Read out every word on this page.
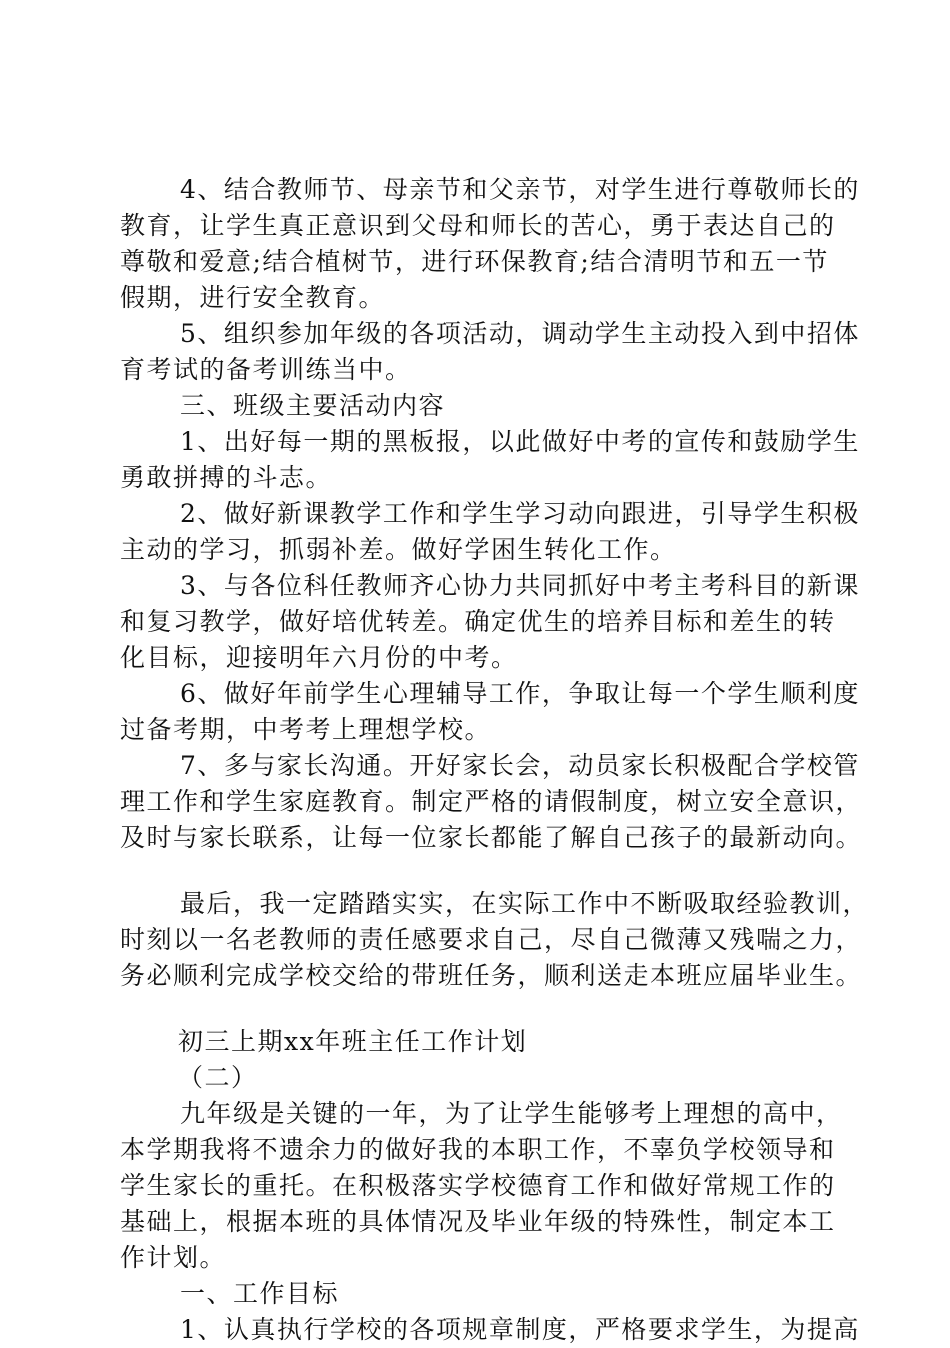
4、结合教师节、母亲节和父亲节，对学生进行尊敬师长的
教育，让学生真正意识到父母和师长的苦心，勇于表达自己的
尊敬和爱意;结合植树节，进行环保教育;结合清明节和五一节
假期，进行安全教育。
5、组织参加年级的各项活动，调动学生主动投入到中招体
育考试的备考训练当中。
三、班级主要活动内容
1、出好每一期的黑板报，以此做好中考的宣传和鼓励学生
勇敢拼搏的斗志。
2、做好新课教学工作和学生学习动向跟进，引导学生积极
主动的学习，抓弱补差。做好学困生转化工作。
3、与各位科任教师齐心协力共同抓好中考主考科目的新课
和复习教学，做好培优转差。确定优生的培养目标和差生的转
化目标，迎接明年六月份的中考。
6、做好年前学生心理辅导工作，争取让每一个学生顺利度
过备考期，中考考上理想学校。
7、多与家长沟通。开好家长会，动员家长积极配合学校管
理工作和学生家庭教育。制定严格的请假制度，树立安全意识，
及时与家长联系，让每一位家长都能了解自己孩子的最新动向。
最后，我一定踏踏实实，在实际工作中不断吸取经验教训，
时刻以一名老教师的责任感要求自己，尽自己微薄又残喘之力，
务必顺利完成学校交给的带班任务，顺利送走本班应届毕业生。
初三上期xx年班主任工作计划
（二）
九年级是关键的一年，为了让学生能够考上理想的高中，
本学期我将不遗余力的做好我的本职工作，不辜负学校领导和
学生家长的重托。在积极落实学校德育工作和做好常规工作的
基础上，根据本班的具体情况及毕业年级的特殊性，制定本工
作计划。
一、工作目标
1、认真执行学校的各项规章制度，严格要求学生，为提高
